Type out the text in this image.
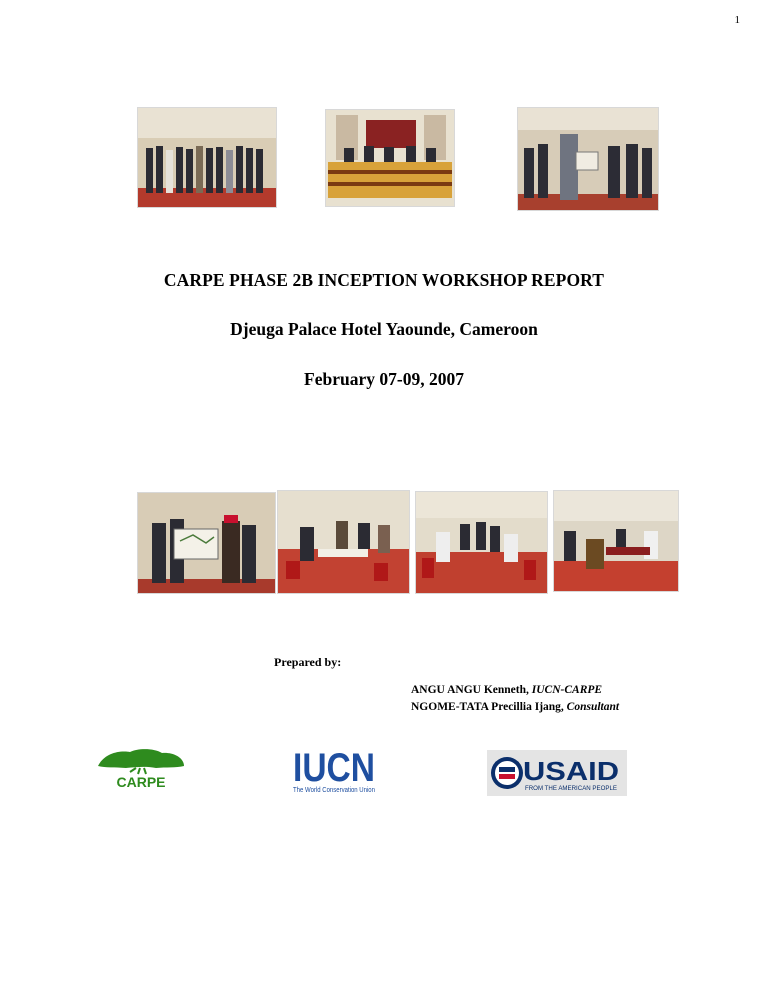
1
CARPE PHASE 2B INCEPTION WORKSHOP REPORT
Djeuga Palace Hotel Yaounde, Cameroon
February 07-09, 2007
Prepared by:
ANGU ANGU Kenneth, IUCN-CARPE
NGOME-TATA Precillia Ijang, Consultant
CARPE	IUCN
The World Conservation Union
USAID
FROM THE AMERICAN PEOPLE
